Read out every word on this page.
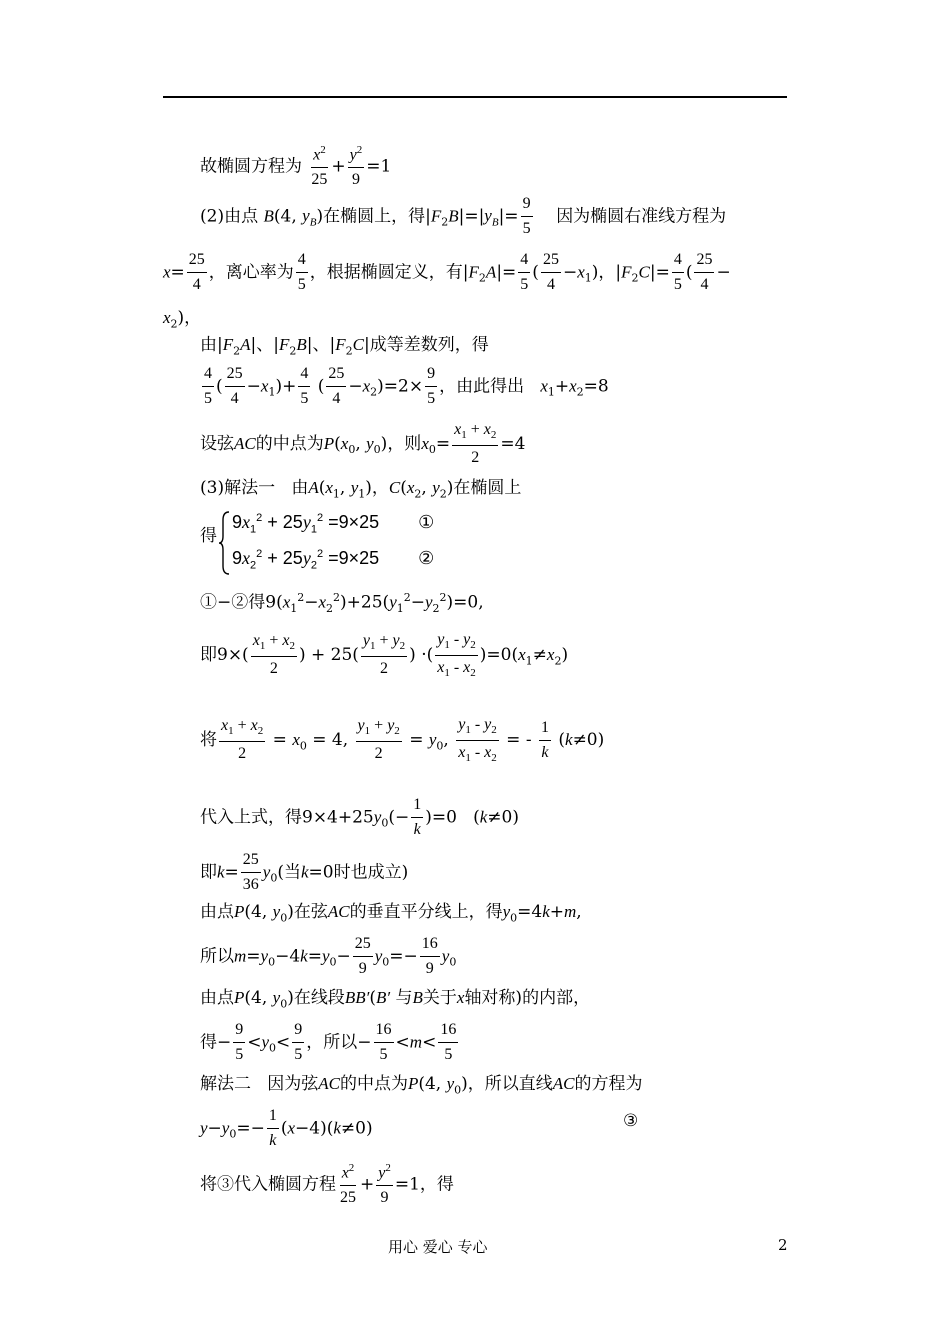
故椭圆方程为 $\frac{x^2}{25} + \frac{y^2}{9} =1$
(2)由点 B(4, $y_B$)在椭圆上，得$|F_2B|=|y_B|= \frac{9}{5}$ 因为椭圆右准线方程为
$x= \frac{25}{4}$ ，离心率为 $\frac{4}{5}$ ，根据椭圆定义，有$|F_2A|= \frac{4}{5}$ ( $\frac{25}{4} -x_1$)，$|F_2C|= \frac{4}{5}$ ( $\frac{25}{4}$ −
$x_2$)，
由$|F_2A|$、$|F_2B|$、$|F_2C|$成等差数列，得
$\frac{4}{5}$ ( $\frac{25}{4} -x_1)+ \frac{4}{5}$ ( $\frac{25}{4} -x_2)=2\times \frac{9}{5}$ ，由此得出 $x_1+x_2=8$
设弦AC的中点为$P(x_0$, $y_0$)，则$x_0= \frac{x_1 + x_2}{2} =4$
(3)解法一 由$A(x_1$, $y_1$)，$C(x_2$, $y_2$)在椭圆上
得
$9x_1^2 + 25y_1^2 =9\times 25$ ①
$9x_2^2 + 25y_2^2 =9\times 25$ ②
①−②得$9(x_1^2-x_2^2)+25(y_1^2-y_2^2)=0$,
即$9\times( \frac{x_1 + x_2}{2}$ ) + $25( \frac{y_1 + y_2}{2}$ ) ·( $\frac{y_1 - y_2}{x_1 - x_2} )=0(x_1\ne x_2)$
将 $\frac{x_1 + x_2}{2} = x_0 = 4$, $\frac{y_1 + y_2}{2} = y_0$, $\frac{y_1 - y_2}{x_1 - x_2}$ = - $\frac{1}{k} (k\ne 0)$
代入上式，得$9\times 4+25y_0(- \frac{1}{k} )=0$   (k≠0)
即$k= \frac{25}{36} y_0$(当k=0时也成立)
由点P(4, $y_0$)在弦AC的垂直平分线上，得$y_0=4k+m$,
所以$m=y_0-4k=y_0- \frac{25}{9} y_0=- \frac{16}{9} y_0$
由点P(4, $y_0$)在线段BB′(B′ 与B关于x轴对称)的内部，
得− $\frac{9}{5} <y_0< \frac{9}{5}$ ，所以− $\frac{16}{5} <m< \frac{16}{5}$
解法二 因为弦AC的中点为P(4, $y_0$)，所以直线AC的方程为
$y-y_0=- \frac{1}{k} (x-4)(k\ne 0)$	③
将③代入椭圆方程 $\frac{x^2}{25} + \frac{y^2}{9} =1$，得
用心 爱心 专心	2
